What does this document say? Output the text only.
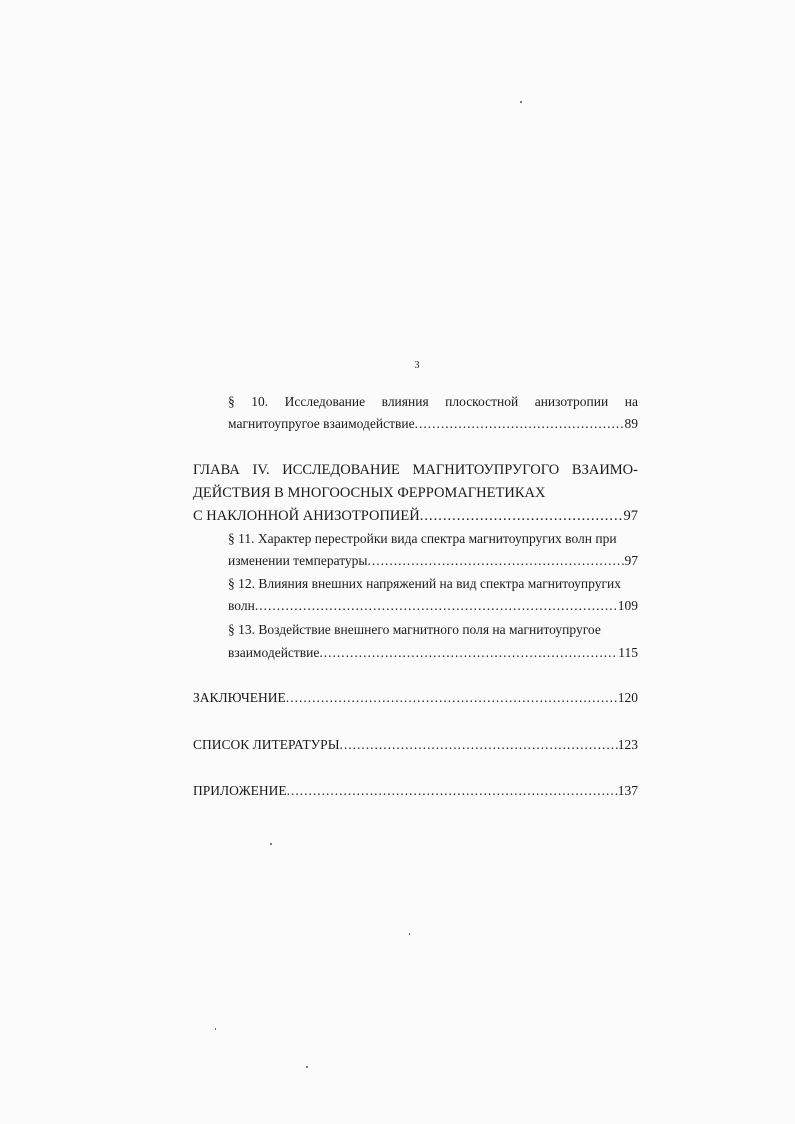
3
§ 10. Исследование влияния плоскостной анизотропии на
магнитоупругое взаимодействие .....	89
ГЛАВА IV. ИССЛЕДОВАНИЕ МАГНИТОУПРУГОГО ВЗАИМО-
ДЕЙСТВИЯ В МНОГООСНЫХ ФЕРРОМАГНЕТИКАХ
С НАКЛОННОЙ АНИЗОТРОПИЕЙ .....	97
§ 11. Характер перестройки вида спектра магнитоупругих волн при
изменении температуры .....	97
§ 12. Влияния внешних напряжений на вид спектра магнитоупругих
волн .....	109
§ 13. Воздействие внешнего магнитного поля на магнитоупругое
взаимодействие .....	115
ЗАКЛЮЧЕНИЕ .....	120
СПИСОК ЛИТЕРАТУРЫ .....	123
ПРИЛОЖЕНИЕ .....	137
